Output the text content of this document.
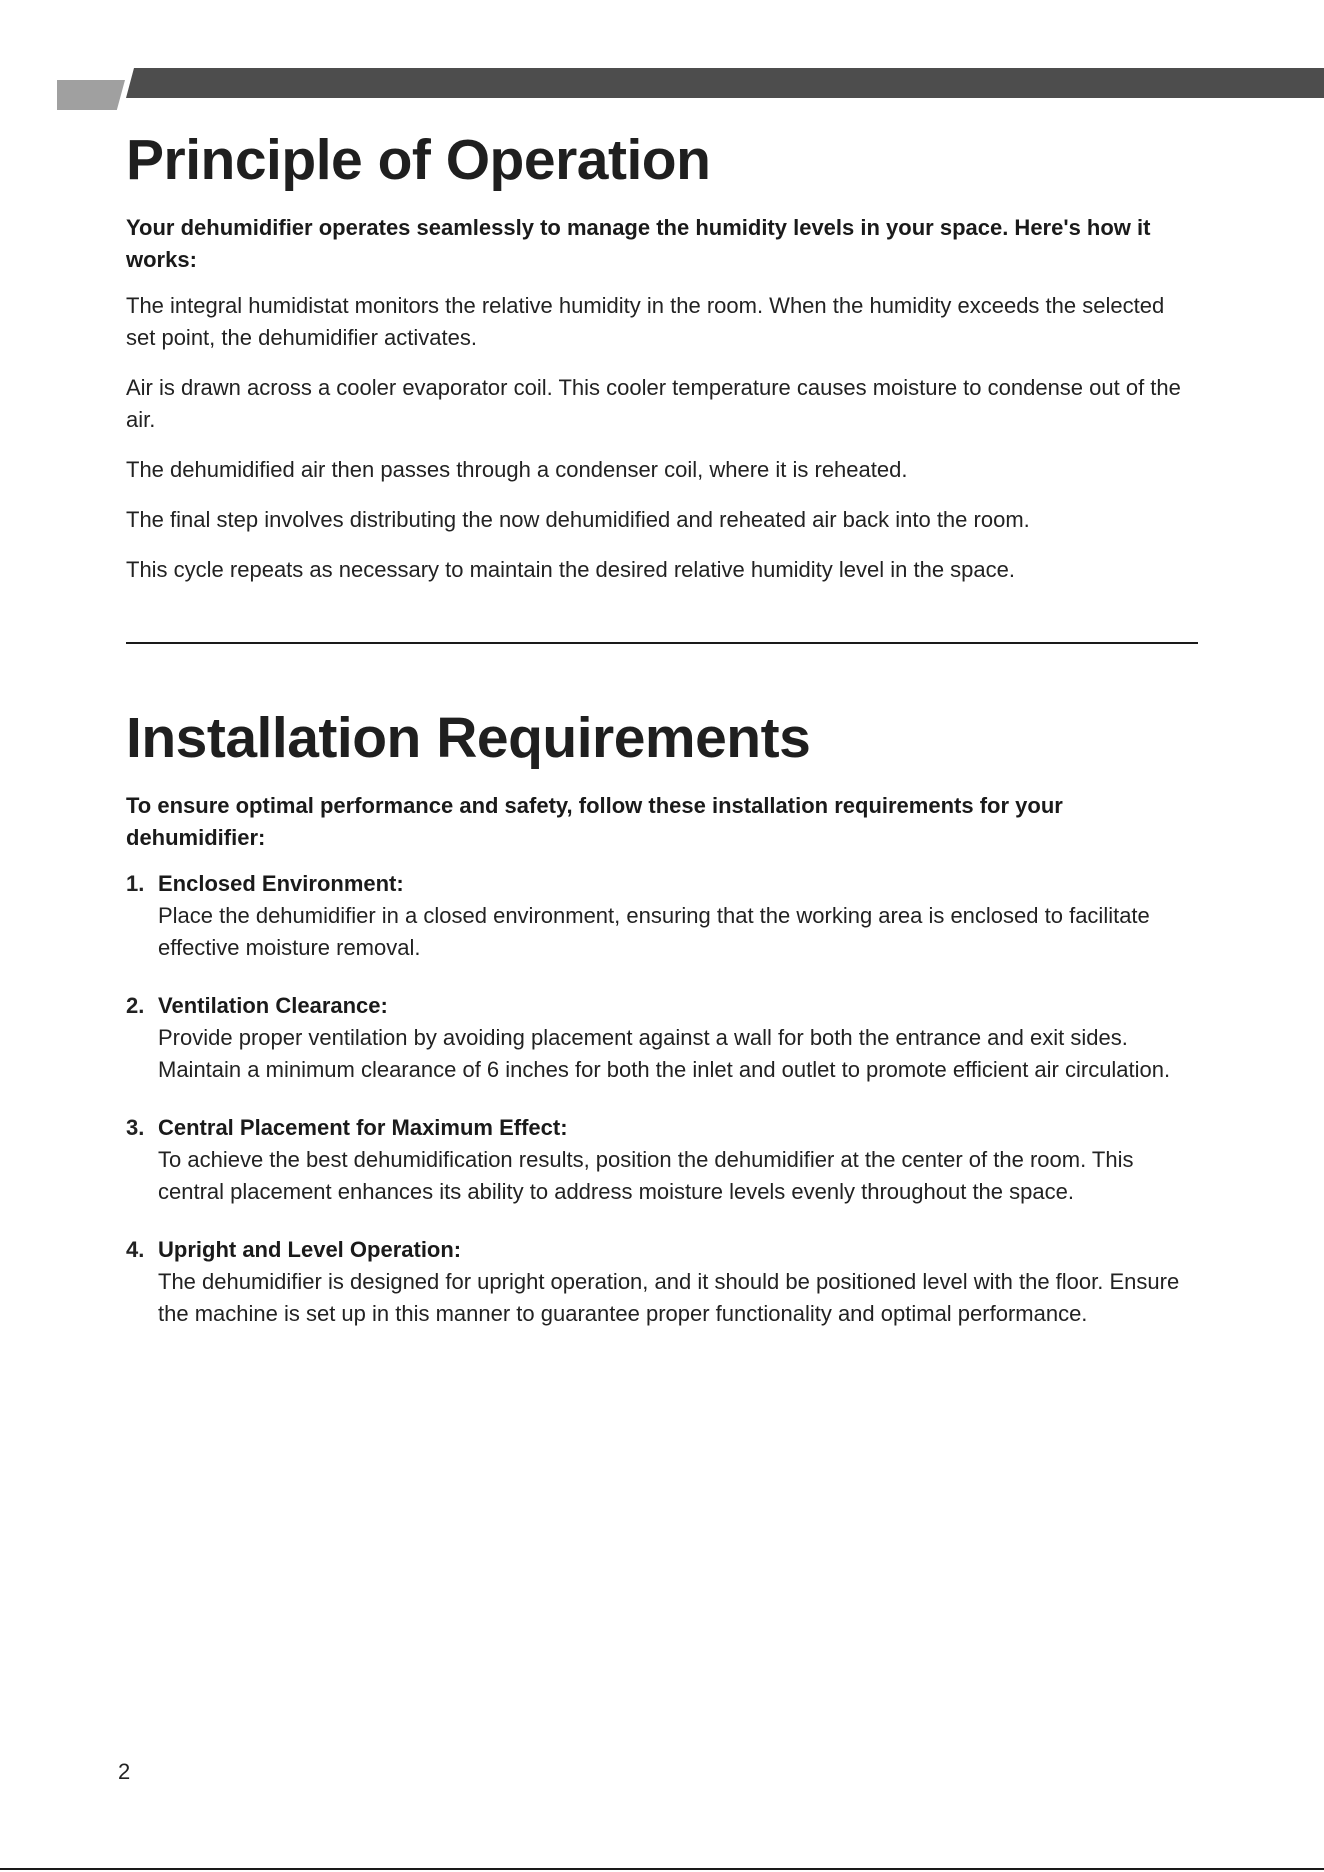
Principle of Operation

Your dehumidifier operates seamlessly to manage the humidity levels in your space. Here's how it works:

The integral humidistat monitors the relative humidity in the room. When the humidity exceeds the selected set point, the dehumidifier activates.

Air is drawn across a cooler evaporator coil. This cooler temperature causes moisture to condense out of the air.

The dehumidified air then passes through a condenser coil, where it is reheated.

The final step involves distributing the now dehumidified and reheated air back into the room.

This cycle repeats as necessary to maintain the desired relative humidity level in the space.

Installation Requirements

To ensure optimal performance and safety, follow these installation requirements for your dehumidifier:

1. Enclosed Environment:
Place the dehumidifier in a closed environment, ensuring that the working area is enclosed to facilitate effective moisture removal.
2. Ventilation Clearance:
Provide proper ventilation by avoiding placement against a wall for both the entrance and exit sides. Maintain a minimum clearance of 6 inches for both the inlet and outlet to promote efficient air circulation.
3. Central Placement for Maximum Effect:
To achieve the best dehumidification results, position the dehumidifier at the center of the room. This central placement enhances its ability to address moisture levels evenly throughout the space.
4. Upright and Level Operation:
The dehumidifier is designed for upright operation, and it should be positioned level with the floor. Ensure the machine is set up in this manner to guarantee proper functionality and optimal performance.
2
